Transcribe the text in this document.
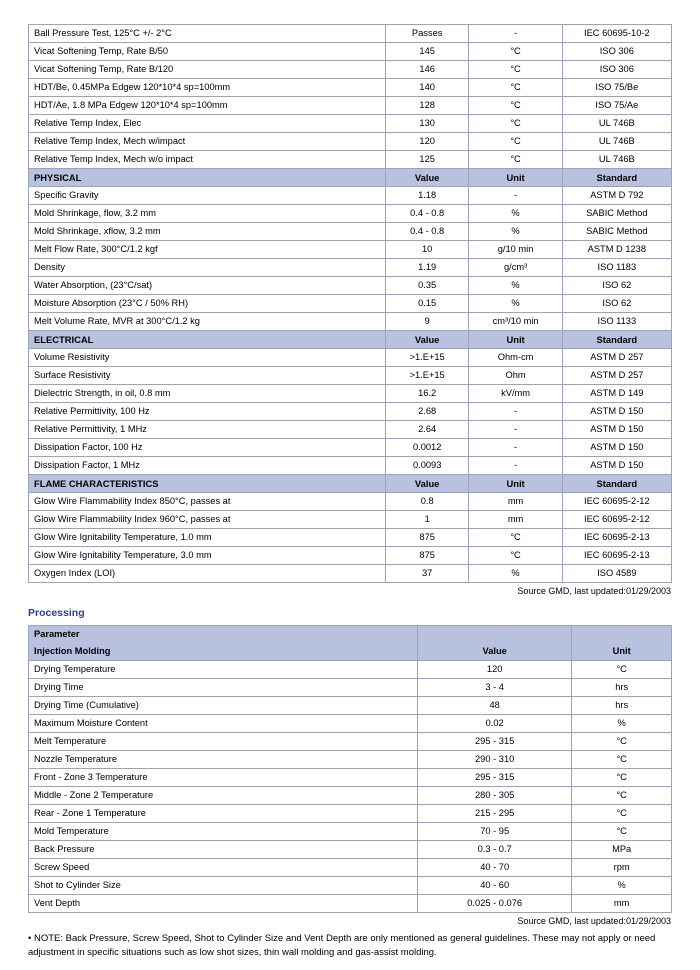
Ball Pressure Test, 125°C +/- 2°C	Passes	-	IEC 60695-10-2
Vicat Softening Temp, Rate B/50	145	°C	ISO 306
Vicat Softening Temp, Rate B/120	146	°C	ISO 306
HDT/Be, 0.45MPa Edgew 120*10*4 sp=100mm	140	°C	ISO 75/Be
HDT/Ae, 1.8 MPa Edgew 120*10*4 sp=100mm	128	°C	ISO 75/Ae
Relative Temp Index, Elec	130	°C	UL 746B
Relative Temp Index, Mech w/impact	120	°C	UL 746B
Relative Temp Index, Mech w/o impact	125	°C	UL 746B
PHYSICAL	Value	Unit	Standard
Specific Gravity	1.18	-	ASTM D 792
Mold Shrinkage, flow, 3.2 mm	0.4 - 0.8	%	SABIC Method
Mold Shrinkage, xflow, 3.2 mm	0.4 - 0.8	%	SABIC Method
Melt Flow Rate, 300°C/1.2 kgf	10	g/10 min	ASTM D 1238
Density	1.19	g/cm³	ISO 1183
Water Absorption, (23°C/sat)	0.35	%	ISO 62
Moisture Absorption (23°C / 50% RH)	0.15	%	ISO 62
Melt Volume Rate, MVR at 300°C/1.2 kg	9	cm³/10 min	ISO 1133
ELECTRICAL	Value	Unit	Standard
Volume Resistivity	>1.E+15	Ohm-cm	ASTM D 257
Surface Resistivity	>1.E+15	Ohm	ASTM D 257
Dielectric Strength, in oil, 0.8 mm	16.2	kV/mm	ASTM D 149
Relative Permittivity, 100 Hz	2.68	-	ASTM D 150
Relative Permittivity, 1 MHz	2.64	-	ASTM D 150
Dissipation Factor, 100 Hz	0.0012	-	ASTM D 150
Dissipation Factor, 1 MHz	0.0093	-	ASTM D 150
FLAME CHARACTERISTICS	Value	Unit	Standard
Glow Wire Flammability Index 850°C, passes at	0.8	mm	IEC 60695-2-12
Glow Wire Flammability Index 960°C, passes at	1	mm	IEC 60695-2-12
Glow Wire Ignitability Temperature, 1.0 mm	875	°C	IEC 60695-2-13
Glow Wire Ignitability Temperature, 3.0 mm	875	°C	IEC 60695-2-13
Oxygen Index (LOI)	37	%	ISO 4589
Source GMD, last updated:01/29/2003
Processing
Parameter		
Injection Molding	Value	Unit
Drying Temperature	120	°C
Drying Time	3 - 4	hrs
Drying Time (Cumulative)	48	hrs
Maximum Moisture Content	0.02	%
Melt Temperature	295 - 315	°C
Nozzle Temperature	290 - 310	°C
Front - Zone 3 Temperature	295 - 315	°C
Middle - Zone 2 Temperature	280 - 305	°C
Rear - Zone 1 Temperature	215 - 295	°C
Mold Temperature	70 - 95	°C
Back Pressure	0.3 - 0.7	MPa
Screw Speed	40 - 70	rpm
Shot to Cylinder Size	40 - 60	%
Vent Depth	0.025 - 0.076	mm
Source GMD, last updated:01/29/2003
• NOTE: Back Pressure, Screw Speed, Shot to Cylinder Size and Vent Depth are only mentioned as general guidelines. These may not apply or need adjustment in specific situations such as low shot sizes, thin wall molding and gas-assist molding.
